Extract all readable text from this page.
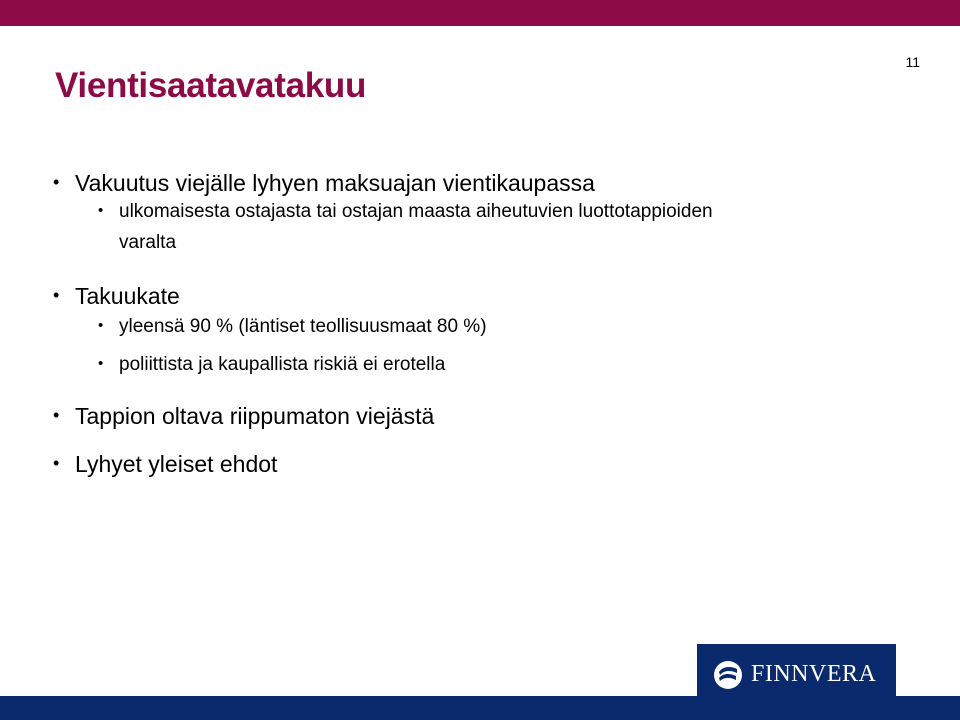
11
Vientisaatavatakuu
• Vakuutus viejälle lyhyen maksuajan vientikaupassa
• ulkomaisesta ostajasta tai ostajan maasta aiheutuvien luottotappioiden
varalta
• Takuukate
• yleensä 90 % (läntiset teollisuusmaat 80 %)
• poliittista ja kaupallista riskiä ei erotella
• Tappion oltava riippumaton viejästä
• Lyhyet yleiset ehdot
FINNVERA
